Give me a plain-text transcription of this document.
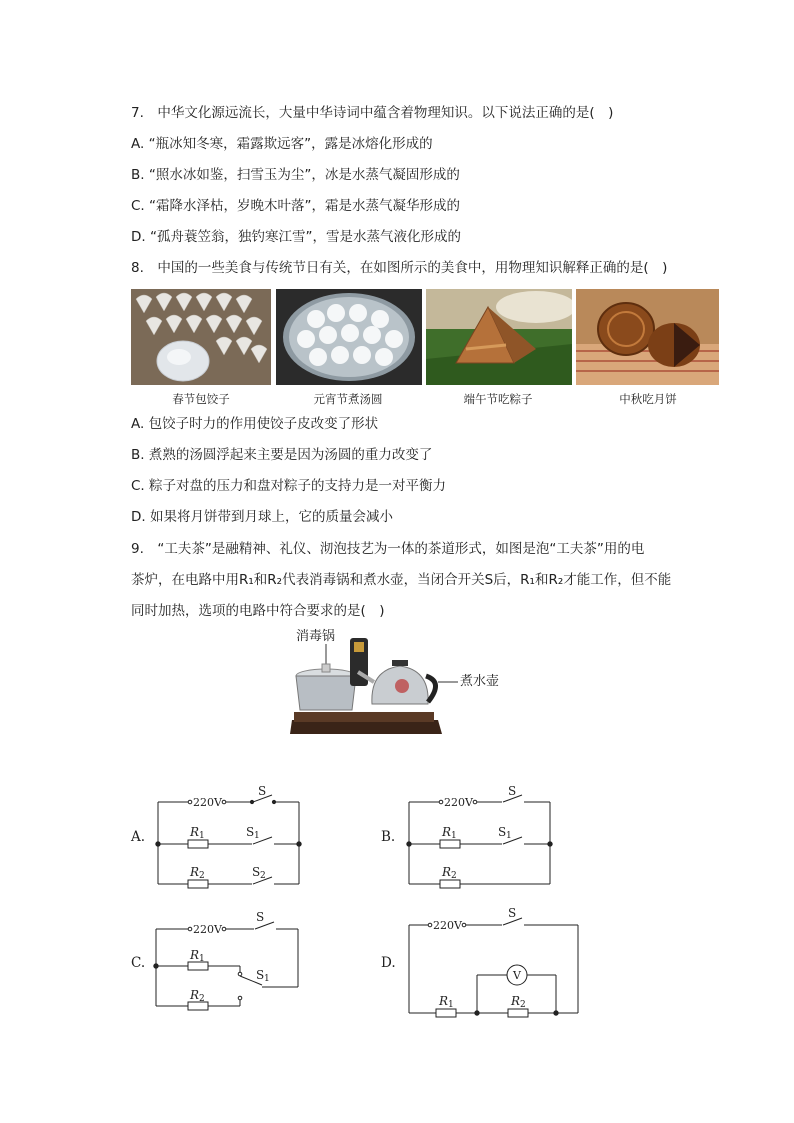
7.　中华文化源远流长，大量中华诗词中蕴含着物理知识。以下说法正确的是(　)
A. “瓶冰知冬寒，霜露欺远客”，露是冰熔化形成的
B. “照水冰如鉴，扫雪玉为尘”，冰是水蒸气凝固形成的
C. “霜降水泽枯，岁晚木叶落”，霜是水蒸气凝华形成的
D. “孤舟蓑笠翁，独钓寒江雪”，雪是水蒸气液化形成的
8.　中国的一些美食与传统节日有关，在如图所示的美食中，用物理知识解释正确的是(　)
春节包饺子	元宵节煮汤圆	端午节吃粽子	中秋吃月饼
A. 包饺子时力的作用使饺子皮改变了形状
B. 煮熟的汤圆浮起来主要是因为汤圆的重力改变了
C. 粽子对盘的压力和盘对粽子的支持力是一对平衡力
D. 如果将月饼带到月球上，它的质量会减小
9.　“工夫茶”是融精神、礼仪、沏泡技艺为一体的茶道形式，如图是泡“工夫茶”用的电
茶炉，在电路中用R₁和R₂代表消毒锅和煮水壶，当闭合开关S后，R₁和R₂才能工作，但不能
同时加热，选项的电路中符合要求的是(　)
消毒锅
煮水壶
A.	B.
C.	D.
220V
S
R 1	S 1
R 2	S 2
220V
S
R 1	S 1
R 2
220V
S
R 1
S 1
R 2
220V
S
V
R 1	R 2
